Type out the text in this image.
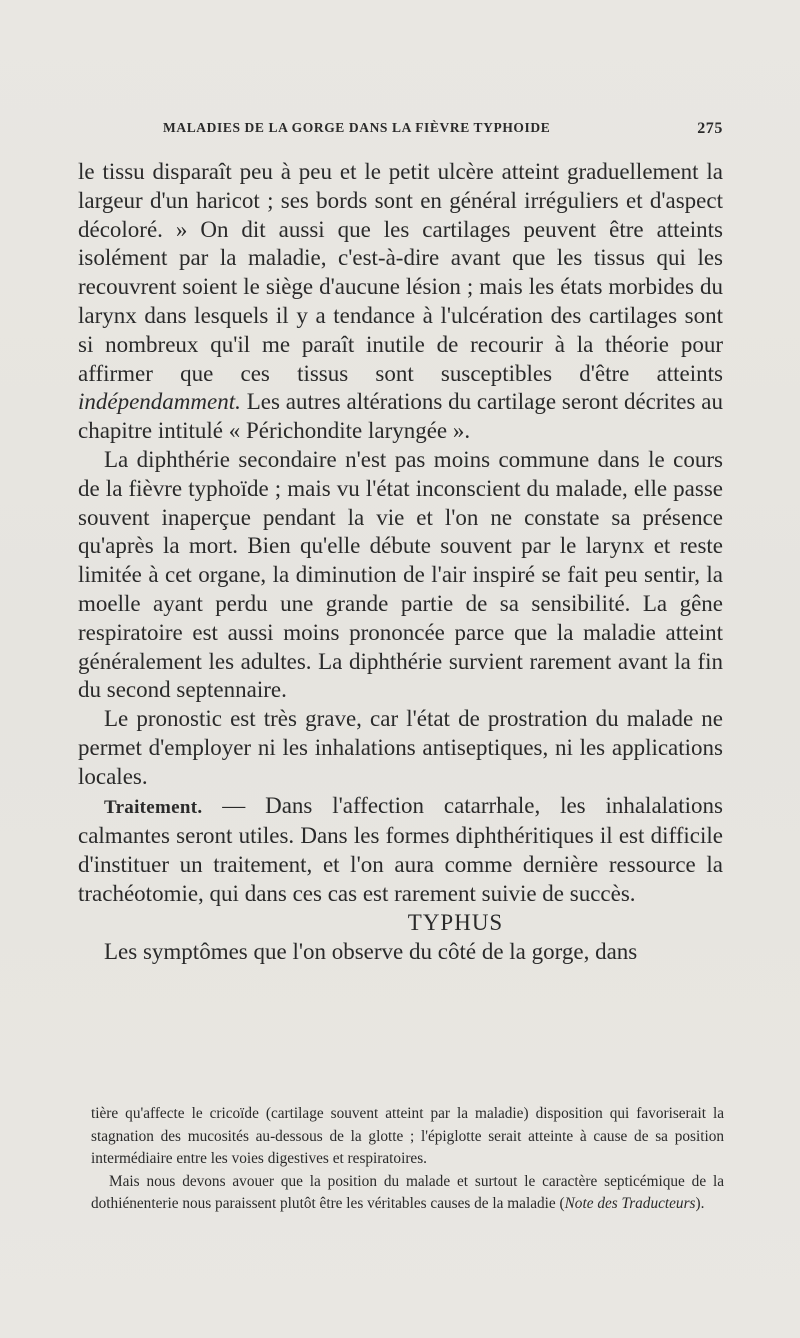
MALADIES DE LA GORGE DANS LA FIÈVRE TYPHOIDE	275

le tissu disparaît peu à peu et le petit ulcère atteint graduellement la largeur d'un haricot ; ses bords sont en général irréguliers et d'aspect décoloré. » On dit aussi que les cartilages peuvent être atteints isolément par la maladie, c'est-à-dire avant que les tissus qui les recouvrent soient le siège d'aucune lésion ; mais les états morbides du larynx dans lesquels il y a tendance à l'ulcération des cartilages sont si nombreux qu'il me paraît inutile de recourir à la théorie pour affirmer que ces tissus sont susceptibles d'être atteints indépendamment. Les autres altérations du cartilage seront décrites au chapitre intitulé « Périchondite laryngée ».

La diphthérie secondaire n'est pas moins commune dans le cours de la fièvre typhoïde ; mais vu l'état inconscient du malade, elle passe souvent inaperçue pendant la vie et l'on ne constate sa présence qu'après la mort. Bien qu'elle débute souvent par le larynx et reste limitée à cet organe, la diminution de l'air inspiré se fait peu sentir, la moelle ayant perdu une grande partie de sa sensibilité. La gêne respiratoire est aussi moins prononcée parce que la maladie atteint généralement les adultes. La diphthérie survient rarement avant la fin du second septennaire.

Le pronostic est très grave, car l'état de prostration du malade ne permet d'employer ni les inhalations antiseptiques, ni les applications locales.

Traitement. — Dans l'affection catarrhale, les inhalalations calmantes seront utiles. Dans les formes diphthéritiques il est difficile d'instituer un traitement, et l'on aura comme dernière ressource la trachéotomie, qui dans ces cas est rarement suivie de succès.

TYPHUS

Les symptômes que l'on observe du côté de la gorge, dans

tière qu'affecte le cricoïde (cartilage souvent atteint par la maladie) disposition qui favoriserait la stagnation des mucosités au-dessous de la glotte ; l'épiglotte serait atteinte à cause de sa position intermédiaire entre les voies digestives et respiratoires.

Mais nous devons avouer que la position du malade et surtout le caractère septicémique de la dothiénenterie nous paraissent plutôt être les véritables causes de la maladie (Note des Traducteurs).
